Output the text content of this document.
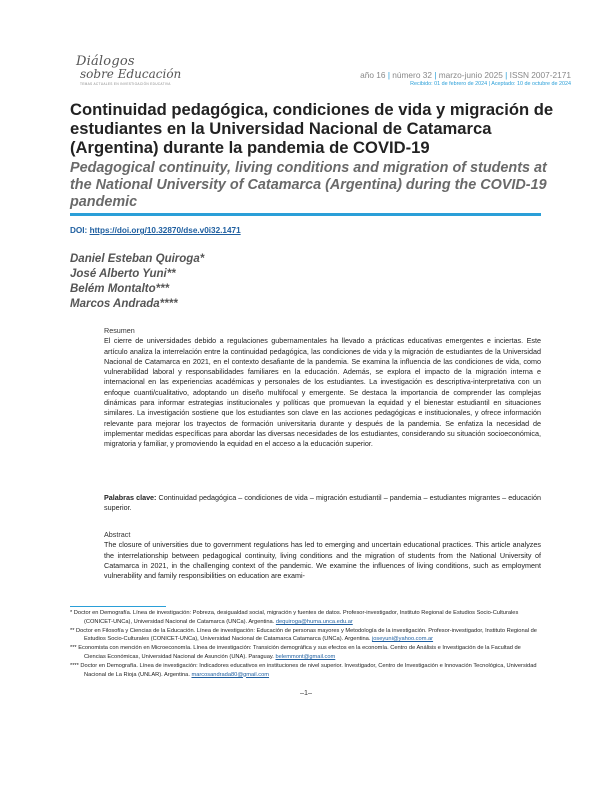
Diálogos
sobre Educación
TEMAS ACTUALES EN INVESTIGACIÓN EDUCATIVA
año 16 | número 32 | marzo-junio 2025 | ISSN 2007-2171
Recibido: 01 de febrero de 2024 | Aceptado: 10 de octubre de 2024
Continuidad pedagógica, condiciones de vida y migración de estudiantes en la Universidad Nacional de Catamarca (Argentina) durante la pandemia de COVID-19
Pedagogical continuity, living conditions and migration of students at the National University of Catamarca (Argentina) during the COVID-19 pandemic
DOI: https://doi.org/10.32870/dse.v0i32.1471
Daniel Esteban Quiroga*
José Alberto Yuni**
Belém Montalto***
Marcos Andrada****
Resumen
El cierre de universidades debido a regulaciones gubernamentales ha llevado a prácticas educativas emergentes e inciertas. Este artículo analiza la interrelación entre la continuidad pedagógica, las condiciones de vida y la migración de estudiantes de la Universidad Nacional de Catamarca en 2021, en el contexto desafiante de la pandemia. Se examina la influencia de las condiciones de vida, como vulnerabilidad laboral y responsabilidades familiares en la educación. Además, se explora el impacto de la migración interna e internacional en las experiencias académicas y personales de los estudiantes. La investigación es descriptiva-interpretativa con un enfoque cuanti/cualitativo, adoptando un diseño multifocal y emergente. Se destaca la importancia de comprender las complejas dinámicas para informar estrategias institucionales y políticas que promuevan la equidad y el bienestar estudiantil en situaciones similares. La investigación sostiene que los estudiantes son clave en las acciones pedagógicas e institucionales, y ofrece información relevante para mejorar los trayectos de formación universitaria durante y después de la pandemia. Se enfatiza la necesidad de implementar medidas específicas para abordar las diversas necesidades de los estudiantes, considerando su situación socioeconómica, migratoria y familiar, y promoviendo la equidad en el acceso a la educación superior.
Palabras clave: Continuidad pedagógica – condiciones de vida – migración estudiantil – pandemia – estudiantes migrantes – educación superior.
Abstract
The closure of universities due to government regulations has led to emerging and uncertain educational practices. This article analyzes the interrelationship between pedagogical continuity, living conditions and the migration of students from the National University of Catamarca in 2021, in the challenging context of the pandemic. We examine the influences of living conditions, such as employment vulnerability and family responsibilities on education are exami-
* Doctor en Demografía. Línea de investigación: Pobreza, desigualdad social, migración y fuentes de datos. Profesor-investigador, Instituto Regional de Estudios Socio-Culturales (CONICET-UNCa), Universidad Nacional de Catamarca (UNCa). Argentina. dequiroga@huma.unca.edu.ar
** Doctor en Filosofía y Ciencias de la Educación. Línea de investigación: Educación de personas mayores y Metodología de la investigación. Profesor-investigador, Instituto Regional de Estudios Socio-Culturales (CONICET-UNCa), Universidad Nacional de Catamarca Catamarca (UNCa). Argentina. joseyuni@yahoo.com.ar
*** Economista con mención en Microeconomía. Línea de investigación: Transición demográfica y sus efectos en la economía. Centro de Análisis e Investigación de la Facultad de Ciencias Económicas, Universidad Nacional de Asunción (UNA). Paraguay. belemmont@gmail.com
**** Doctor en Demografía. Línea de investigación: Indicadores educativos en instituciones de nivel superior. Investigador, Centro de Investigación e Innovación Tecnológica, Universidad Nacional de La Rioja (UNLAR). Argentina. marcosandrada80@gmail.com
–1–
